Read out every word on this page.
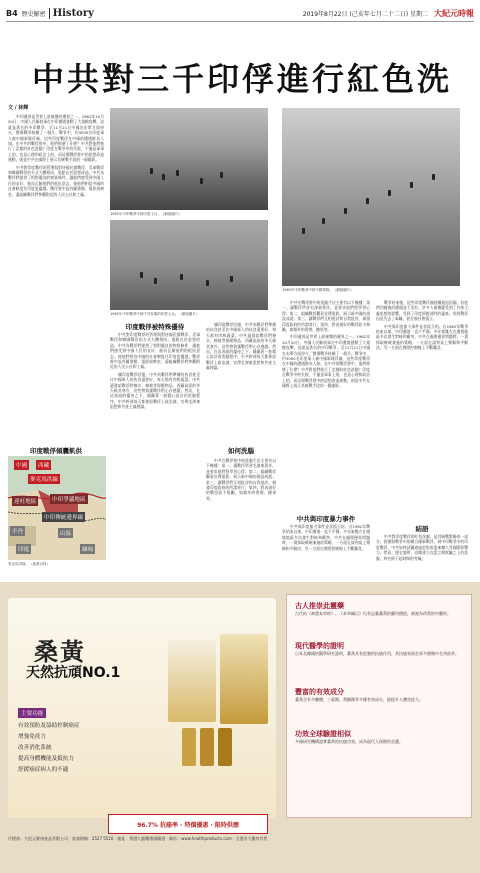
B4 歷史解密 History	2019年8月22日 (己亥年七月二十二日) 星期二 大紀元時報
中共對三千印俘進行紅色洗
文 / 林輝

中印邊界是世界上最複雜的邊界之一。1962年10月20日，中國人民解放軍在中印邊境發動了大規模攻擊，這就是著名的中印戰爭，至11月21日中國宣布單方面停火，整場戰爭持續了一個月。戰爭中，約3000名印度軍人被中國軍隊俘虜，這些印度戰俘在中國的遭遇鮮為人知。在中共的戰俘營中，他們經歷了什麼？中共對他們進行了怎樣的紅色洗腦？印度在戰爭中的失敗，不僅是軍事上的，也是心理和政治上的，而這場戰俘營中的思想改造運動，則是中共在國際上展示其統戰手段的一個縮影。

中共對印度戰俘的管理與對待國民黨戰俘、美軍戰俘和韓國戰俘的方式大體相同，重點在於思想改造。中共為戰俘們提供了相對優良的物質條件，讓他們感受到中國人民的友好，進而瓦解他們的抵抗意志，使他們相信中國的社會制度比印度更優越。戰俘營中設有圖書館、電影放映室，還組織戰俘們參觀附近的人民公社和工廠。

1962年中印戰爭中的印度士兵。（網絡圖片）
1962年中印戰爭中被中共俘虜的印度士兵。（網絡圖片）
1962年中印戰爭中的中國軍隊。（網絡圖片）
印度戰俘被特殊優待

中共對印度戰俘的管理與對待國民黨戰俘、美軍戰俘和韓國戰俘的方式大體相同，重點在於思想改造。中共為戰俘們提供了相對優良的物質條件，讓他們感受到中國人民的友好，進而瓦解他們的抵抗意志，使他們相信中國的社會制度比印度更優越。戰俘營中設有圖書館、電影放映室，還組織戰俘們參觀附近的人民公社和工廠。

據印度戰俘回憶，中共為戰俘們準備的伙食甚至比中國軍人的伙食還要好，每天都有肉和蔬菜。中共還發給戰俘們棉衣、棉被等保暖物品，西藏高原的冬天極其寒冷，這些物資讓戰俘們心存感激。然而，在這表面的優待之下，隱藏著一套精心設計的洗腦程序，中共幹部每天都會給戰俘上政治課，宣傳毛澤東思想和共產主義理論。

據印度戰俘回憶，中共為戰俘們準備的伙食甚至比中國軍人的伙食還要好，每天都有肉和蔬菜。中共還發給戰俘們棉衣、棉被等保暖物品，西藏高原的冬天極其寒冷，這些物資讓戰俘們心存感激。然而，在這表面的優待之下，隱藏著一套精心設計的洗腦程序，中共幹部每天都會給戰俘上政治課，宣傳毛澤東思想和共產主義理論。

如何洗腦

中共在戰俘營中的洗腦手法主要有以下幾種：第一，讓戰俘學習毛澤東著作，並要求他們寫學習心得；第二，組織戰俘觀看宣傳電影，展示新中國的建設成就；第三，讓戰俘們互相批評和自我批評，揭發印度政府的所謂罪行；第四，對表現好的戰俘給予獎勵，如額外的香煙、糖果等。

中共在戰俘營中的洗腦手法主要有以下幾種：第一，讓戰俘學習毛澤東著作，並要求他們寫學習心得；第二，組織戰俘觀看宣傳電影，展示新中國的建設成就；第三，讓戰俘們互相批評和自我批評，揭發印度政府的所謂罪行；第四，對表現好的戰俘給予獎勵，如額外的香煙、糖果等。

中印邊界是世界上最複雜的邊界之一。1962年10月20日，中國人民解放軍在中印邊境發動了大規模攻擊，這就是著名的中印戰爭，至11月21日中國宣布單方面停火，整場戰爭持續了一個月。戰爭中，約3000名印度軍人被中國軍隊俘虜，這些印度戰俘在中國的遭遇鮮為人知。在中共的戰俘營中，他們經歷了什麼？中共對他們進行了怎樣的紅色洗腦？印度在戰爭中的失敗，不僅是軍事上的，也是心理和政治上的，而這場戰俘營中的思想改造運動，則是中共在國際上展示其統戰手段的一個縮影。

中共與印度暴力事件

中共與印度暴力事件並非孤立的。自1962年戰爭結束以來，中印邊境一直不平靜。多年來雙方在邊境地區多次發生對峙和衝突。中共在處理邊界問題時，一貫採取軟硬兼施的策略，一方面在談判桌上聲稱和平解決，另一方面在實際控制線上不斷蠶食。

戰爭結束後，這些印度戰俘被陸續遣返回國。但他們回國後的遭遇並不美好，許多人被懷疑受到了共產主義思想的影響，受到了印度情報部門的審查。有的戰俘因此失去了軍職，甚至被社會孤立。

中共與印度暴力事件並非孤立的。自1962年戰爭結束以來，中印邊境一直不平靜。多年來雙方在邊境地區多次發生對峙和衝突。中共在處理邊界問題時，一貫採取軟硬兼施的策略，一方面在談判桌上聲稱和平解決，另一方面在實際控制線上不斷蠶食。

結語

中共對印度戰俘的紅色洗腦，是其統戰策略的一部分。從朝鮮戰爭中的聯合國軍戰俘，到中印戰爭中的印度戰俘，中共始終試圖通過思想改造來擴大其國際影響力。然而，歷史證明，這種建立在謊言和欺騙之上的洗腦，終究經不起時間的考驗。

中國	西藏
麥克馬洪線
達旺地區	中印爭議地區
中印傳統邊界線
不丹	山區
印度	緬甸
麥克馬洪線。（維基百科）
印度戰俘傾囊飢供
桑黃
天然抗頑NO.1
主要功能
有效預防及協助控制癌症
增強免疫力
改善消化系統
提高身體機能及抵抗力
舒緩癌症病人的不適
96.7% 抗癌率 · 特價優惠 · 限時供應
古人推崇此靈藥
古代的《神農本草經》、《本草綱目》均有記載桑黃的藥用價值，被視為珍貴的中藥材。
現代醫學的證明
日本及韓國的醫學研究證明，桑黃具有很強的抗癌作用，其抗癌效果在眾多菌類中名列前茅。
豐富的有效成分
桑黃含有多醣體、三萜類、黃酮類等多種有效成分，能提升人體免疫力。
功效全球驗證相似
多國研究機構證實桑黃的抗癌功效，成為現代人保健的首選。
代理商：大紀元健康產品有限公司 · 查詢熱線：2527 5510 · 地址：香港九龍觀塘鴻圖道 · 網站：www.healthproducts.com · 全港各大藥房有售
